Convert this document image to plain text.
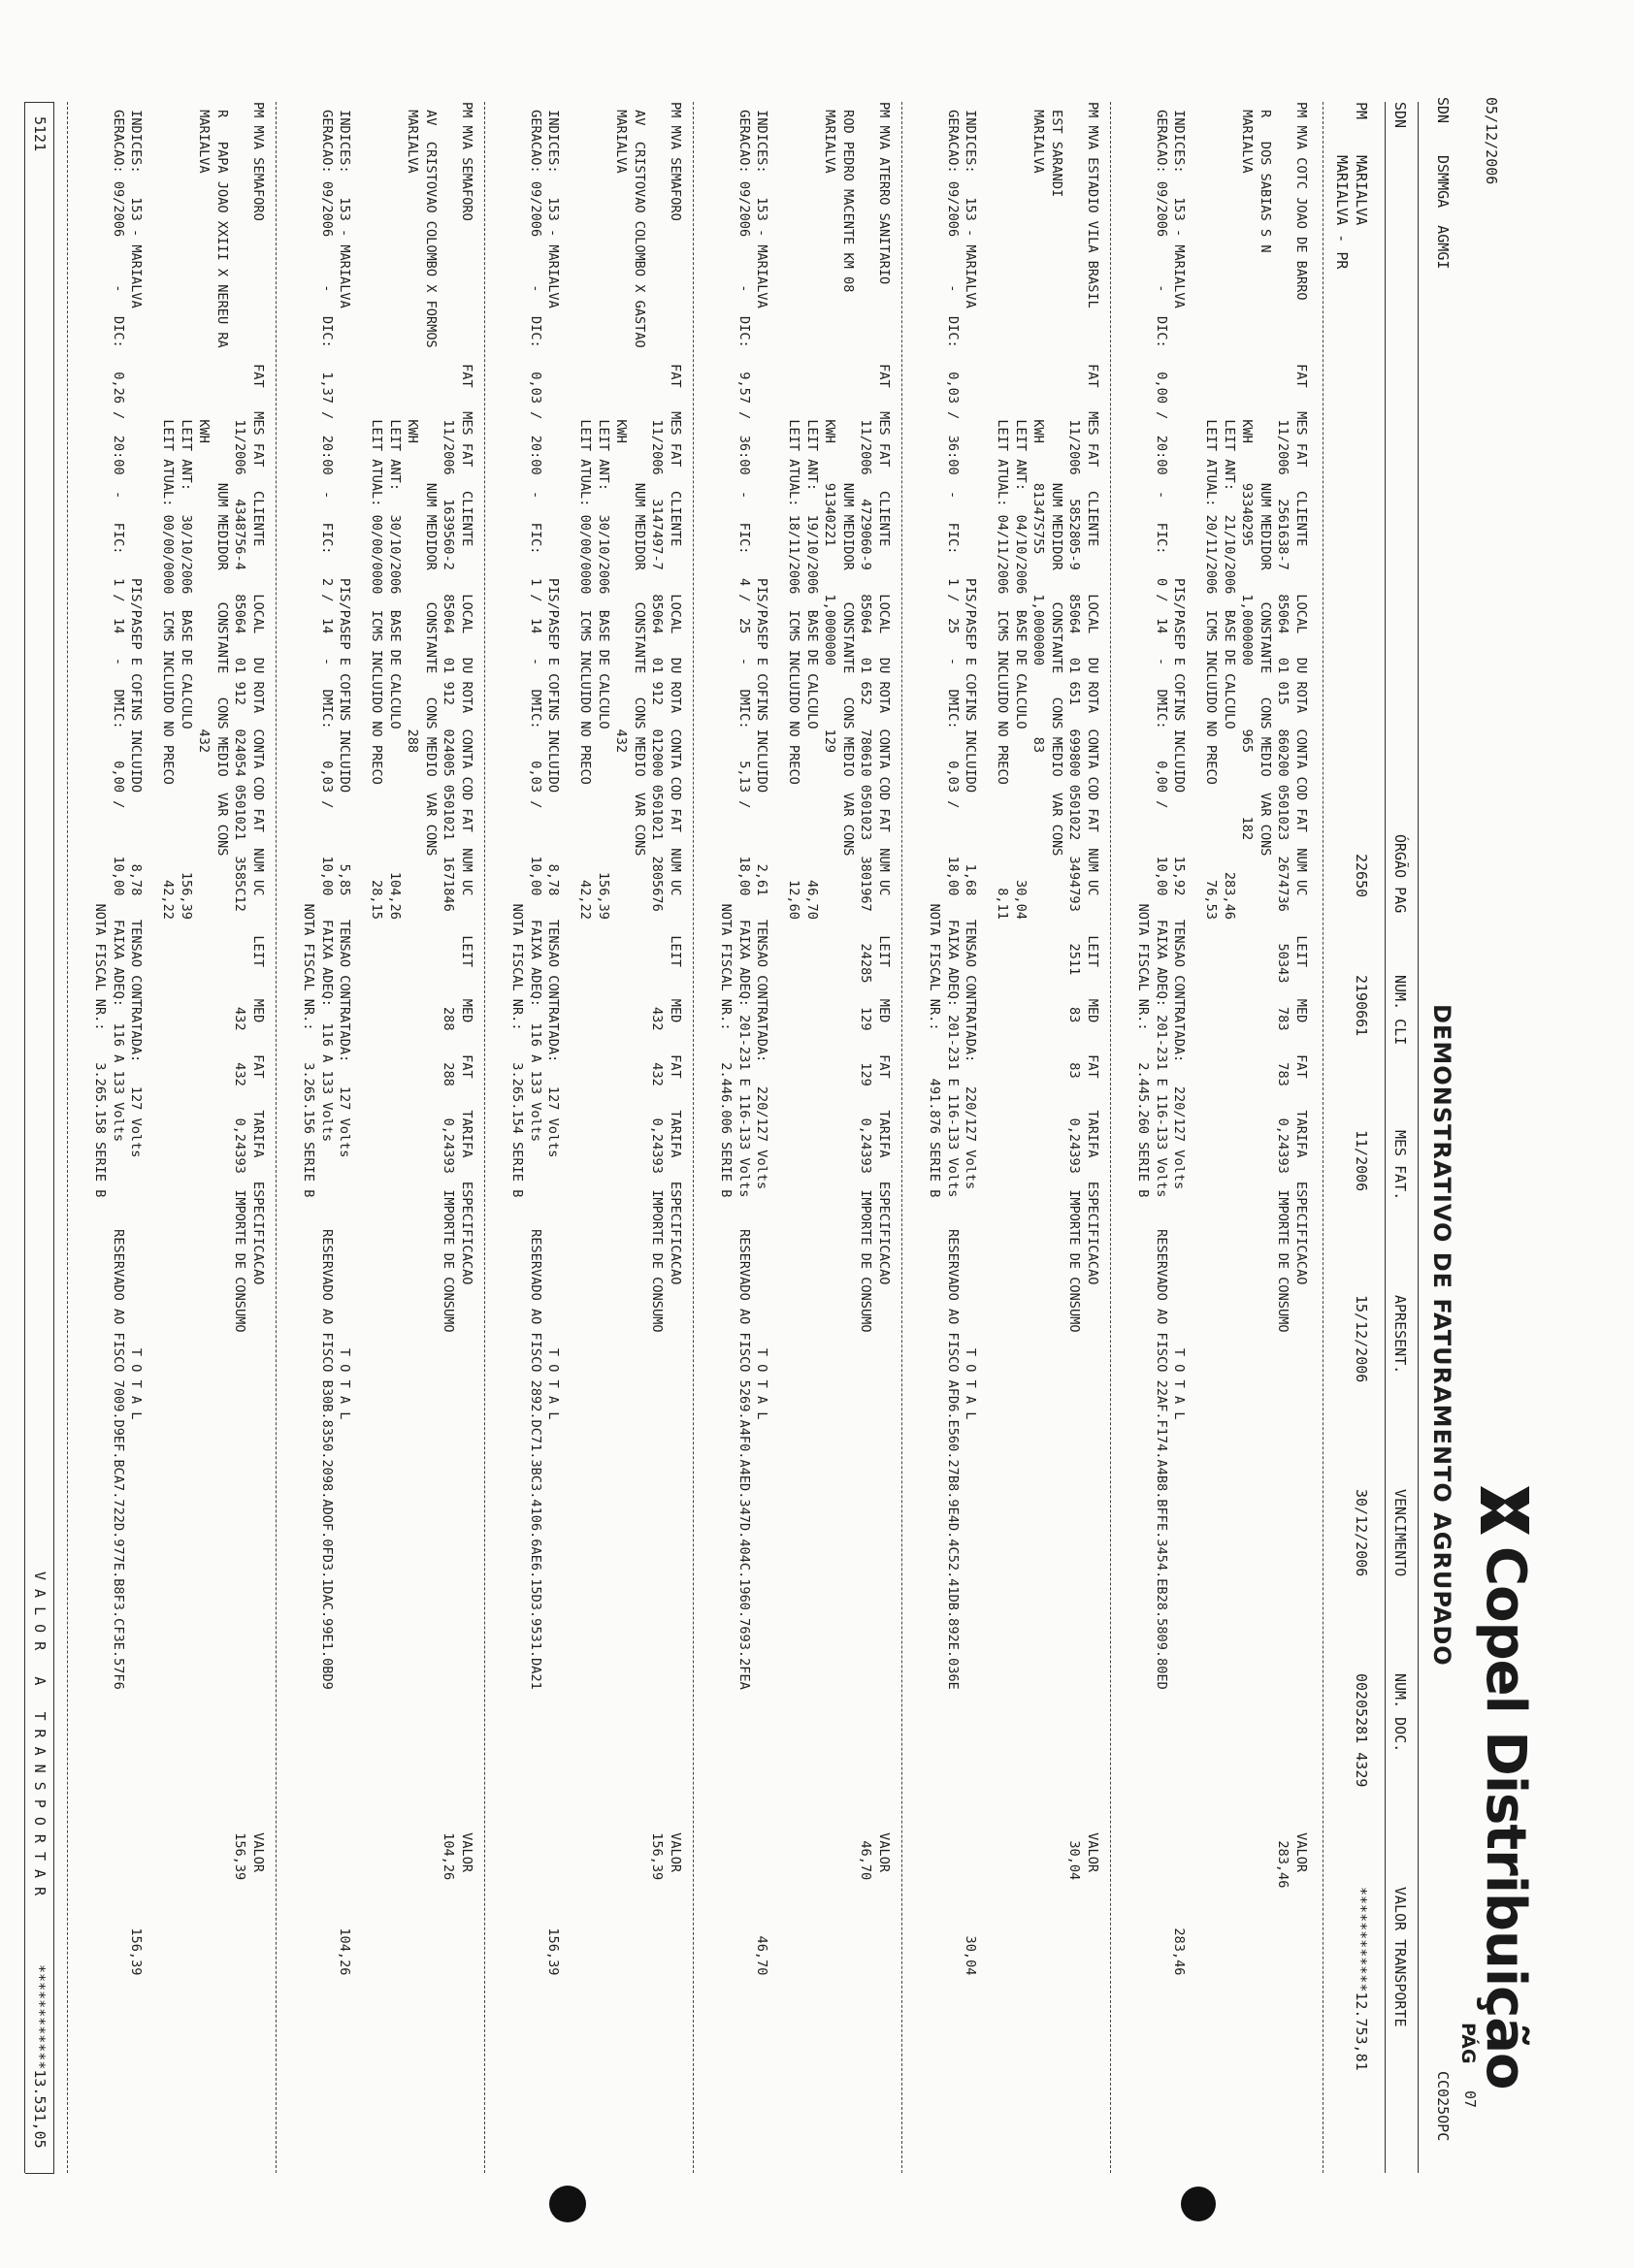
05/12/2006
SDN
DSMMGA  AGMGI
Copel Distribuição
DEMONSTRATIVO DE FATURAMENTO AGRUPADO
PÁG
07
CC025OPC
SDN
ÓRGÃO PAG
NUM. CLI
MES FAT.
APRESENT.
VENCIMENTO
NUM. DOC.
VALOR TRANSPORTE
PM
MARIALVA
MARIALVA - PR
22650
2190661
11/2006
15/12/2006
30/12/2006
00205281 4329
************12.753,81
PM MVA COTC JOAO DE BARRO        FAT   MES FAT   CLIENTE      LOCAL   DU ROTA  CONTA COD FAT  NUM UC     LEIT    MED    FAT    TARIFA   ESPECIFICACAO                                                                     VALOR
11/2006   2561638-7   85064   01 015   860200 0501023  2674736    50343   783    783    0,24393  IMPORTE DE CONSUMO                                                                283,46
R   DOS SABIAS S N                             NUM MEDIDOR    CONSTANTE   CONS MEDIO  VAR CONS
MARIALVA                               KWH     93340295      1,0000000        965        182
LEIT ANT:   21/10/2006  BASE DE CALCULO                  283,46
LEIT ATUAL: 20/11/2006  ICMS INCLUIDO NO PRECO            76,53
INDICES:   153 - MARIALVA                                  PIS/PASEP E COFINS INCLUIDO        15,92   TENSAO CONTRATADA:   220/127 Volts                    T O T A L                                                                283,46
GERACAO: 09/2006      -   DIC:   0,00 /  20:00  -   FIC:   0 /  14   -   DMIC:    0,00 /      10,00   FAIXA ADEQ: 201-231 E 116-133 Volts    RESERVADO AO FISCO 22AF.F174.A4B8.BFFE.3454.EB28.5809.80ED
NOTA FISCAL NR.:    2.445.260 SERIE B
PM MVA ESTADIO VILA BRASIL       FAT   MES FAT   CLIENTE      LOCAL   DU ROTA  CONTA COD FAT  NUM UC     LEIT    MED    FAT    TARIFA   ESPECIFICACAO                                                                     VALOR
11/2006   5852805-9   85064   01 651   699800 0501022  3494793    2511    83     83     0,24393  IMPORTE DE CONSUMO                                                                30,04
EST SARANDI                                    NUM MEDIDOR    CONSTANTE   CONS MEDIO  VAR CONS
MARIALVA                               KWH     81347S755     1,0000000         83
LEIT ANT:   04/10/2006  BASE DE CALCULO                   30,04
LEIT ATUAL: 04/11/2006  ICMS INCLUIDO NO PRECO             8,11
INDICES:   153 - MARIALVA                                  PIS/PASEP E COFINS INCLUIDO         1,68   TENSAO CONTRATADA:   220/127 Volts                    T O T A L                                                                 30,04
GERACAO: 09/2006      -   DIC:   0,03 /  36:00  -   FIC:   1 /  25   -   DMIC:    0,03 /      18,00   FAIXA ADEQ: 201-231 E 116-133 Volts    RESERVADO AO FISCO AFD6.E560.27B8.9E4D.4C52.41DB.892E.036E
NOTA FISCAL NR.:      491.876 SERIE B
PM MVA ATERRO SANITARIO          FAT   MES FAT   CLIENTE      LOCAL   DU ROTA  CONTA COD FAT  NUM UC     LEIT    MED    FAT    TARIFA   ESPECIFICACAO                                                                     VALOR
11/2006   4729060-9   85064   01 652   780610 0501023  3801967    24285   129    129    0,24393  IMPORTE DE CONSUMO                                                                46,70
ROD PEDRO MACENTE KM 08                        NUM MEDIDOR    CONSTANTE   CONS MEDIO  VAR CONS
MARIALVA                               KWH     91340221      1,0000000        129
LEIT ANT:   19/10/2006  BASE DE CALCULO                   46,70
LEIT ATUAL: 18/11/2006  ICMS INCLUIDO NO PRECO            12,60
INDICES:   153 - MARIALVA                                  PIS/PASEP E COFINS INCLUIDO         2,61   TENSAO CONTRATADA:   220/127 Volts                    T O T A L                                                                 46,70
GERACAO: 09/2006      -   DIC:   9,57 /  36:00  -   FIC:   4 /  25   -   DMIC:    5,13 /      18,00   FAIXA ADEQ: 201-231 E 116-133 Volts    RESERVADO AO FISCO 5269.A4F0.A4ED.347D.404C.1960.7693.2FEA
NOTA FISCAL NR.:    2.446.006 SERIE B
PM MVA SEMAFORO                  FAT   MES FAT   CLIENTE      LOCAL   DU ROTA  CONTA COD FAT  NUM UC     LEIT    MED    FAT    TARIFA   ESPECIFICACAO                                                                     VALOR
11/2006   3147497-7   85064   01 912   012000 0501021  2805676            432    432    0,24393  IMPORTE DE CONSUMO                                                               156,39
AV  CRISTOVAO COLOMBO X GASTAO                 NUM MEDIDOR    CONSTANTE   CONS MEDIO  VAR CONS
MARIALVA                               KWH                                    432
LEIT ANT:   30/10/2006  BASE DE CALCULO                  156,39
LEIT ATUAL: 00/00/0000  ICMS INCLUIDO NO PRECO            42,22
INDICES:   153 - MARIALVA                                  PIS/PASEP E COFINS INCLUIDO         8,78   TENSAO CONTRATADA:   127 Volts                        T O T A L                                                                156,39
GERACAO: 09/2006      -   DIC:   0,03 /  20:00  -   FIC:   1 /  14   -   DMIC:    0,03 /      10,00   FAIXA ADEQ:  116 A 133 Volts           RESERVADO AO FISCO 2892.DC71.3BC3.4106.6AE6.15D3.9531.DA21
NOTA FISCAL NR.:    3.265.154 SERIE B
PM MVA SEMAFORO                  FAT   MES FAT   CLIENTE      LOCAL   DU ROTA  CONTA COD FAT  NUM UC     LEIT    MED    FAT    TARIFA   ESPECIFICACAO                                                                     VALOR
11/2006   1639560-2   85064   01 912   024005 0501021  1671846            288    288    0,24393  IMPORTE DE CONSUMO                                                               104,26
AV  CRISTOVAO COLOMBO X FORMOS                 NUM MEDIDOR    CONSTANTE   CONS MEDIO  VAR CONS
MARIALVA                               KWH                                    288
LEIT ANT:   30/10/2006  BASE DE CALCULO                  104,26
LEIT ATUAL: 00/00/0000  ICMS INCLUIDO NO PRECO            28,15
INDICES:   153 - MARIALVA                                  PIS/PASEP E COFINS INCLUIDO         5,85   TENSAO CONTRATADA:   127 Volts                        T O T A L                                                                104,26
GERACAO: 09/2006      -   DIC:   1,37 /  20:00  -   FIC:   2 /  14   -   DMIC:    0,03 /      10,00   FAIXA ADEQ:  116 A 133 Volts           RESERVADO AO FISCO B30B.8350.2098.ADOF.0FD3.1DAC.99E1.0BD9
NOTA FISCAL NR.:    3.265.156 SERIE B
PM MVA SEMAFORO                  FAT   MES FAT   CLIENTE      LOCAL   DU ROTA  CONTA COD FAT  NUM UC     LEIT    MED    FAT    TARIFA   ESPECIFICACAO                                                                     VALOR
11/2006   4348756-4   85064   01 912   024054 0501021  3585C12            432    432    0,24393  IMPORTE DE CONSUMO                                                               156,39
R   PAPA JOAO XXIII X NEREU RA                 NUM MEDIDOR    CONSTANTE   CONS MEDIO  VAR CONS
MARIALVA                               KWH                                    432
LEIT ANT:   30/10/2006  BASE DE CALCULO                  156,39
LEIT ATUAL: 00/00/0000  ICMS INCLUIDO NO PRECO            42,22
INDICES:   153 - MARIALVA                                  PIS/PASEP E COFINS INCLUIDO         8,78   TENSAO CONTRATADA:   127 Volts                        T O T A L                                                                156,39
GERACAO: 09/2006      -   DIC:   0,26 /  20:00  -   FIC:   1 /  14   -   DMIC:    0,00 /      10,00   FAIXA ADEQ:  116 A 133 Volts           RESERVADO AO FISCO 7009.D9EF.BCA7.722D.977E.B8F3.CF3E.57F6
NOTA FISCAL NR.:    3.265.158 SERIE B
5121
V A L O R   A   T R A N S P O R T A R
************13.531,05
